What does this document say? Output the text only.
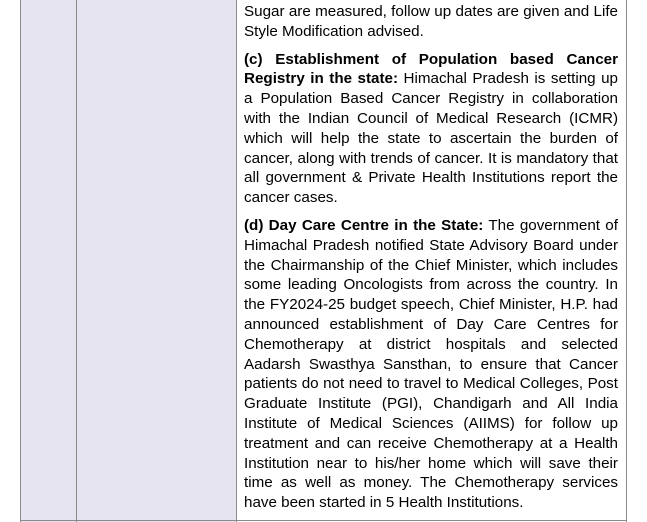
Sugar are measured, follow up dates are given and Life Style Modification advised.

(c) Establishment of Population based Cancer Registry in the state: Himachal Pradesh is setting up a Population Based Cancer Registry in collaboration with the Indian Council of Medical Research (ICMR) which will help the state to ascertain the burden of cancer, along with trends of cancer. It is mandatory that all government & Private Health Institutions report the cancer cases.

(d) Day Care Centre in the State: The government of Himachal Pradesh notified State Advisory Board under the Chairmanship of the Chief Minister, which includes some leading Oncologists from across the country. In the FY2024-25 budget speech, Chief Minister, H.P. had announced establishment of Day Care Centres for Chemotherapy at district hospitals and selected Aadarsh Swasthya Sansthan, to ensure that Cancer patients do not need to travel to Medical Colleges, Post Graduate Institute (PGI), Chandigarh and All India Institute of Medical Sciences (AIIMS) for follow up treatment and can receive Chemotherapy at a Health Institution near to his/her home which will save their time as well as money. The Chemotherapy services have been started in 5 Health Institutions.
